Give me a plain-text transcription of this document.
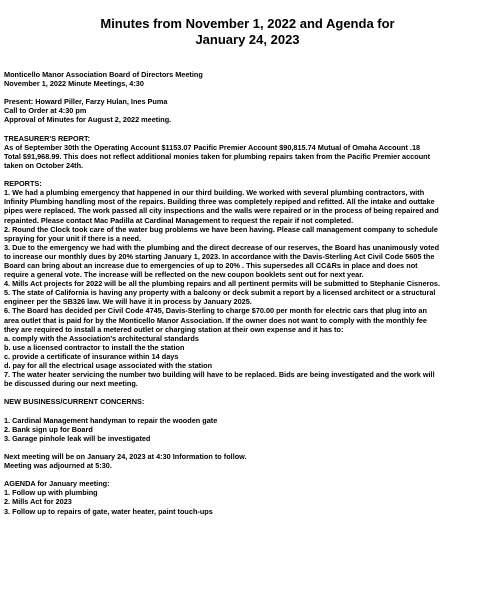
Minutes from November 1, 2022 and Agenda for
January 24, 2023
Monticello Manor Association Board of Directors Meeting
November 1, 2022 Minute Meetings, 4:30
Present: Howard Piller, Farzy Hulan, Ines Puma
Call to Order at 4:30 pm
Approval of Minutes for August 2, 2022 meeting.
TREASURER'S REPORT:
As of September 30th the Operating Account $1153.07 Pacific Premier Account $90,815.74 Mutual of Omaha Account .18
Total $91,968.99. This does not reflect additional monies taken for plumbing repairs taken from the Pacific Premier account
taken on October 24th.
REPORTS:
1. We had a plumbing emergency that happened in our third building. We worked with several plumbing contractors, with
Infinity Plumbing handling most of the repairs. Building three was completely repiped and refitted. All the intake and outtake
pipes were replaced. The work passed all city inspections and the walls were repaired or in the process of being repaired and
repainted. Please contact Mac Padilla at Cardinal Management to request the repair if not completed.
2. Round the Clock took care of the water bug problems we have been having. Please call management company to schedule
spraying for your unit if there is a need.
3. Due to the emergency we had with the plumbing and the direct decrease of our reserves, the Board has unanimously voted
to increase our monthly dues by 20% starting January 1, 2023. In accordance with the Davis-Sterling Act Civil Code 5605 the
Board can bring about an increase due to emergencies of up to 20% . This supersedes all CC&Rs in place and does not
require a general vote. The increase will be reflected on the new coupon booklets sent out for next year.
4. Mills Act projects for 2022 will be all the plumbing repairs and all pertinent permits will be submitted to Stephanie Cisneros.
5. The state of California is having any property with a balcony or deck submit a report by a licensed architect or a structural
engineer per the SB326 law. We will have it in process by January 2025.
6. The Board has decided per Civil Code 4745, Davis-Sterling to charge $70.00 per month for electric cars that plug into an
area outlet that is paid for by the Monticello Manor Association. If the owner does not want to comply with the monthly fee
they are required to install a metered outlet or charging station at their own expense and it has to:
a. comply with the Association's architectural standards
b. use a licensed contractor to install the the station
c. provide a certificate of insurance within 14 days
d. pay for all the electrical usage associated with the station
7. The water heater servicing the number two building will have to be replaced. Bids are being investigated and the work will
be discussed during our next meeting.
NEW BUSINESS/CURRENT CONCERNS:
1. Cardinal Management handyman to repair the wooden gate
2. Bank sign up for Board
3. Garage pinhole leak will be investigated
Next meeting will be on January 24, 2023 at 4:30 Information to follow.
Meeting was adjourned at 5:30.
AGENDA for January meeting:
1. Follow up with plumbing
2. Mills Act for 2023
3. Follow up to repairs of gate, water heater, paint touch-ups
